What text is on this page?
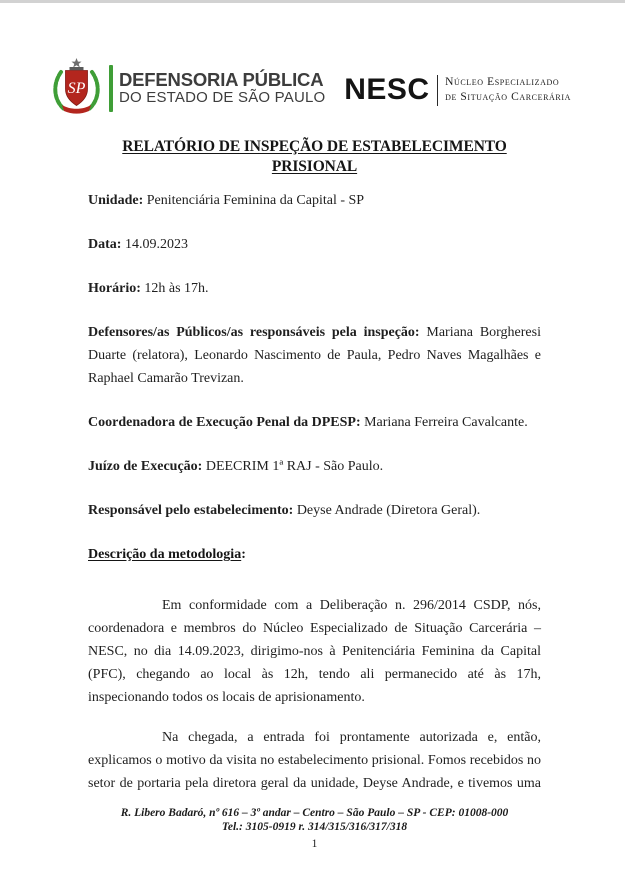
SP DEFENSORIA PÚBLICA
DO ESTADO DE SÃO PAULO NESC Núcleo Especializado
de Situação Carcerária
RELATÓRIO DE INSPEÇÃO DE ESTABELECIMENTO PRISIONAL

Unidade: Penitenciária Feminina da Capital - SP

Data: 14.09.2023

Horário: 12h às 17h.

Defensores/as Públicos/as responsáveis pela inspeção: Mariana Borgheresi Duarte (relatora), Leonardo Nascimento de Paula, Pedro Naves Magalhães e Raphael Camarão Trevizan.

Coordenadora de Execução Penal da DPESP: Mariana Ferreira Cavalcante.

Juízo de Execução: DEECRIM 1ª RAJ - São Paulo.

Responsável pelo estabelecimento: Deyse Andrade (Diretora Geral).

Descrição da metodologia:

Em conformidade com a Deliberação n. 296/2014 CSDP, nós, coordenadora e membros do Núcleo Especializado de Situação Carcerária – NESC, no dia 14.09.2023, dirigimo-nos à Penitenciária Feminina da Capital (PFC), chegando ao local às 12h, tendo ali permanecido até às 17h, inspecionando todos os locais de aprisionamento.

Na chegada, a entrada foi prontamente autorizada e, então, explicamos o motivo da visita no estabelecimento prisional. Fomos recebidos no setor de portaria pela diretora geral da unidade, Deyse Andrade, e tivemos uma

R. Libero Badaró, nº 616 – 3º andar – Centro – São Paulo – SP - CEP: 01008-000
Tel.: 3105-0919 r. 314/315/316/317/318
1
